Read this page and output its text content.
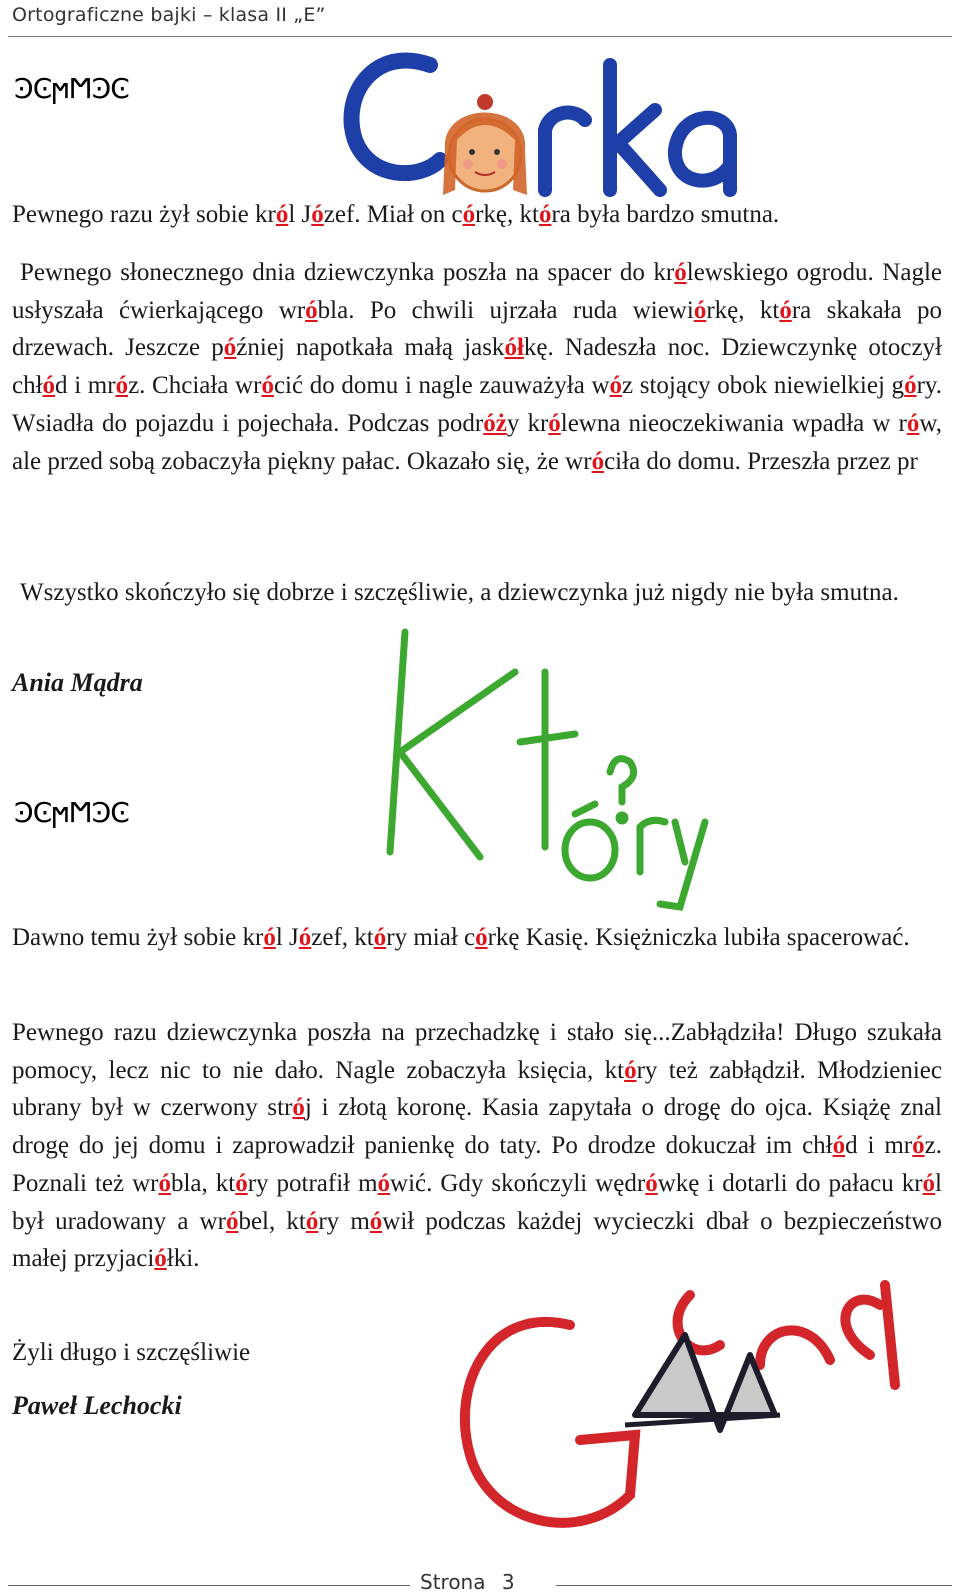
Ortograficzne bajki – klasa II „E”
ϿϾϻϺϿϾ

Pewnego razu żył sobie król Józef. Miał on córkę, która była bardzo smutna.

Pewnego słonecznego dnia dziewczynka poszła na spacer do królewskiego ogrodu. Nagle usłyszała ćwierkającego wróbla. Po chwili ujrzała ruda wiewiórkę, która skakała po drzewach. Jeszcze później napotkała małą jaskółkę. Nadeszła noc. Dziewczynkę otoczył chłód i mróz. Chciała wrócić do domu i nagle zauważyła wóz stojący obok niewielkiej góry. Wsiadła do pojazdu i pojechała. Podczas podróży królewna nieoczekiwania wpadła w rów, ale przed sobą zobaczyła piękny pałac. Okazało się, że wróciła do domu. Przeszła przez pr

Wszystko skończyło się dobrze i szczęśliwie, a dziewczynka już nigdy nie była smutna.

Ania Mądra
ϿϾϻϺϿϾ

Dawno temu żył sobie król Józef, który miał córkę Kasię. Księżniczka lubiła spacerować.

Pewnego razu dziewczynka poszła na przechadzkę i stało się...Zabłądziła! Długo szukała pomocy, lecz nic to nie dało. Nagle zobaczyła księcia, który też zabłądził. Młodzieniec ubrany był w czerwony strój i złotą koronę. Kasia zapytała o drogę do ojca. Książę znal drogę do jej domu i zaprowadził panienkę do taty. Po drodze dokuczał im chłód i mróz. Poznali też wróbla, który potrafił mówić. Gdy skończyli wędrówkę i dotarli do pałacu król był uradowany a wróbel, który mówił podczas każdej wycieczki dbał o bezpieczeństwo małej przyjaciółki.

Żyli długo i szczęśliwie

Paweł Lechocki
Strona 3
